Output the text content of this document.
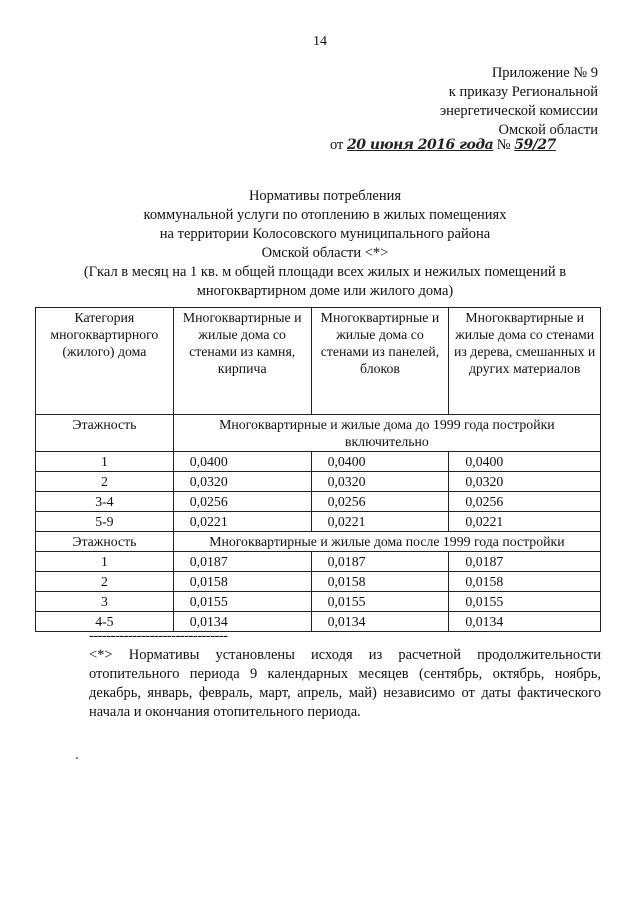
14
Приложение № 9
к приказу Региональной
энергетической комиссии
Омской области
от 20 июня 2016 года № 59/27
Нормативы потребления
коммунальной услуги по отоплению в жилых помещениях
на территории Колосовского муниципального района
Омской области <*>
(Гкал в месяц на 1 кв. м общей площади всех жилых и нежилых помещений в
многоквартирном доме или жилого дома)
Категория многоквартирного (жилого) дома	Многоквартирные и жилые дома со стенами из камня, кирпича	Многоквартирные и жилые дома со стенами из панелей, блоков	Многоквартирные и жилые дома со стенами из дерева, смешанных и других материалов
Этажность	Многоквартирные и жилые дома до 1999 года постройки включительно		
1	0,0400	0,0400	0,0400
2	0,0320	0,0320	0,0320
3-4	0,0256	0,0256	0,0256
5-9	0,0221	0,0221	0,0221
Этажность	Многоквартирные и жилые дома после 1999 года постройки		
1	0,0187	0,0187	0,0187
2	0,0158	0,0158	0,0158
3	0,0155	0,0155	0,0155
4-5	0,0134	0,0134	0,0134
--------------------------------
<*> Нормативы установлены исходя из расчетной продолжительности отопительного периода 9 календарных месяцев (сентябрь, октябрь, ноябрь, декабрь, январь, февраль, март, апрель, май) независимо от даты фактического начала и окончания отопительного периода.
